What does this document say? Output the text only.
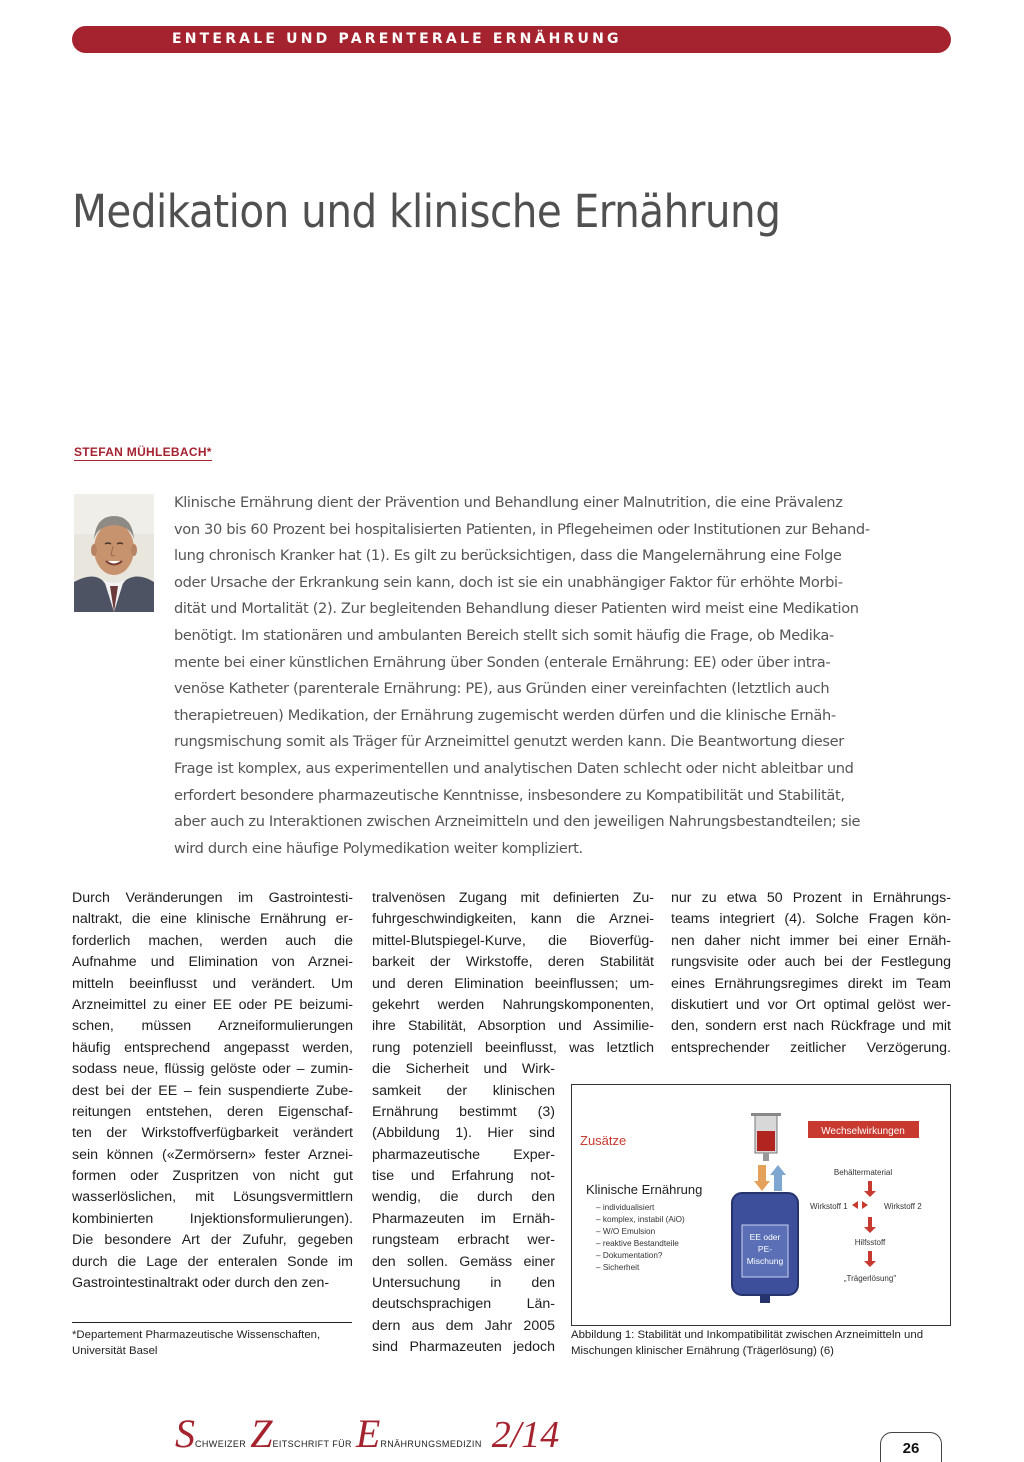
ENTERALE UND PARENTERALE ERNÄHRUNG
Medikation und klinische Ernährung
STEFAN MÜHLEBACH*
Klinische Ernährung dient der Prävention und Behandlung einer Malnutrition, die eine Prävalenz
von 30 bis 60 Prozent bei hospitalisierten Patienten, in Pflegeheimen oder Institutionen zur Behand-
lung chronisch Kranker hat (1). Es gilt zu berücksichtigen, dass die Mangelernährung eine Folge
oder Ursache der Erkrankung sein kann, doch ist sie ein unabhängiger Faktor für erhöhte Morbi-
dität und Mortalität (2). Zur begleitenden Behandlung dieser Patienten wird meist eine Medikation
benötigt. Im stationären und ambulanten Bereich stellt sich somit häufig die Frage, ob Medika-
mente bei einer künstlichen Ernährung über Sonden (enterale Ernährung: EE) oder über intra-
venöse Katheter (parenterale Ernährung: PE), aus Gründen einer vereinfachten (letztlich auch
therapietreuen) Medikation, der Ernährung zugemischt werden dürfen und die klinische Ernäh-
rungsmischung somit als Träger für Arzneimittel genutzt werden kann. Die Beantwortung dieser
Frage ist komplex, aus experimentellen und analytischen Daten schlecht oder nicht ableitbar und
erfordert besondere pharmazeutische Kenntnisse, insbesondere zu Kompatibilität und Stabilität,
aber auch zu Interaktionen zwischen Arzneimitteln und den jeweiligen Nahrungsbestandteilen; sie
wird durch eine häufige Polymedikation weiter kompliziert.
Durch Veränderungen im Gastrointesti-
naltrakt, die eine klinische Ernährung er-
forderlich machen, werden auch die
Aufnahme und Elimination von Arznei-
mitteln beeinflusst und verändert. Um
Arzneimittel zu einer EE oder PE beizumi-
schen, müssen Arzneiformulierungen
häufig entsprechend angepasst werden,
sodass neue, flüssig gelöste oder – zumin-
dest bei der EE – fein suspendierte Zube-
reitungen entstehen, deren Eigenschaf-
ten der Wirkstoffverfügbarkeit verändert
sein können («Zermörsern» fester Arznei-
formen oder Zuspritzen von nicht gut
wasserlöslichen, mit Lösungsvermittlern
kombinierten Injektionsformulierungen).
Die besondere Art der Zufuhr, gegeben
durch die Lage der enteralen Sonde im
Gastrointestinaltrakt oder durch den zen-
tralvenösen Zugang mit definierten Zu-
fuhrgeschwindigkeiten, kann die Arznei-
mittel-Blutspiegel-Kurve, die Bioverfüg-
barkeit der Wirkstoffe, deren Stabilität
und deren Elimination beeinflussen; um-
gekehrt werden Nahrungskomponenten,
ihre Stabilität, Absorption und Assimilie-
rung potenziell beeinflusst, was letztlich
die Sicherheit und Wirk-
samkeit der klinischen
Ernährung bestimmt (3)
(Abbildung 1). Hier sind
pharmazeutische Exper-
tise und Erfahrung not-
wendig, die durch den
Pharmazeuten im Ernäh-
rungsteam erbracht wer-
den sollen. Gemäss einer
Untersuchung in den
deutschsprachigen Län-
dern aus dem Jahr 2005
sind Pharmazeuten jedoch
nur zu etwa 50 Prozent in Ernährungs-
teams integriert (4). Solche Fragen kön-
nen daher nicht immer bei einer Ernäh-
rungsvisite oder auch bei der Festlegung
eines Ernährungsregimes direkt im Team
diskutiert und vor Ort optimal gelöst wer-
den, sondern erst nach Rückfrage und mit
entsprechender zeitlicher Verzögerung.
*Departement Pharmazeutische Wissenschaften,
Universität Basel
Zusätze
Klinische Ernährung
– individualisiert
– komplex, instabil (AiO)
– W/O Emulsion
– reaktive Bestandteile
– Dokumentation?
– Sicherheit
EE oder
PE-
Mischung
Wechselwirkungen
Behältermaterial
Wirkstoff 1	Wirkstoff 2
Hilfsstoff
„Trägerlösung"
Abbildung 1: Stabilität und Inkompatibilität zwischen Arzneimitteln und
Mischungen klinischer Ernährung (Trägerlösung) (6)
SCHWEIZER ZEITSCHRIFT FÜR ERNÄHRUNGSMEDIZIN 2/14	26
